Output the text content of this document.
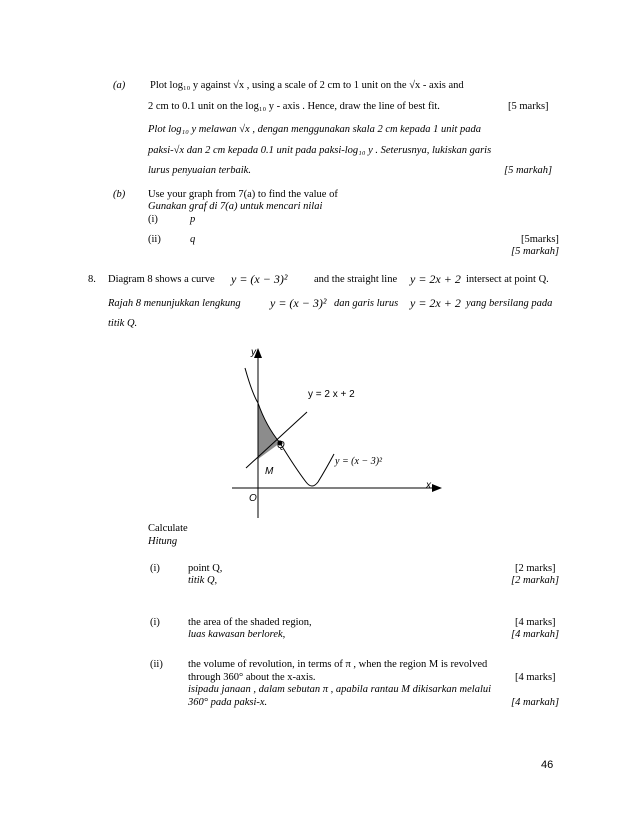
(a) Plot log₁₀ y against √x , using a scale of 2 cm to 1 unit on the √x - axis and
2 cm to 0.1 unit on the log₁₀ y - axis . Hence, draw the line of best fit.	[5 marks]
Plot log₁₀ y melawan √x , dengan menggunakan skala 2 cm kepada 1 unit pada
paksi-√x dan 2 cm kepada 0.1 unit pada paksi-log₁₀ y . Seterusnya, lukiskan garis
lurus penyuaian terbaik.	[5 markah]
(b) Use your graph from 7(a) to find the value of
Gunakan graf di 7(a) untuk mencari nilai
(i)	p
(ii)	q	[5marks]
[5 markah]
8. Diagram 8 shows a curve y = (x − 3)²	and the straight line y = 2x + 2 intersect at point Q.
Rajah 8 menunjukkan lengkung y = (x − 3)² dan garis lurus y = 2x + 2 yang bersilang pada
titik Q.
y
y = 2 x + 2
Q
M
y = (x − 3)²
x
O
Calculate
Hitung
(i)	point Q,
titik Q,
[2 marks]
[2 markah]
(i)	the area of the shaded region,
luas kawasan berlorek,
[4 marks]
[4 markah]
(ii) the volume of revolution, in terms of π , when the region M is revolved
through 360° about the x-axis.	[4 marks]
isipadu janaan , dalam sebutan π , apabila rantau M dikisarkan melalui
360° pada paksi-x.	[4 markah]
46
